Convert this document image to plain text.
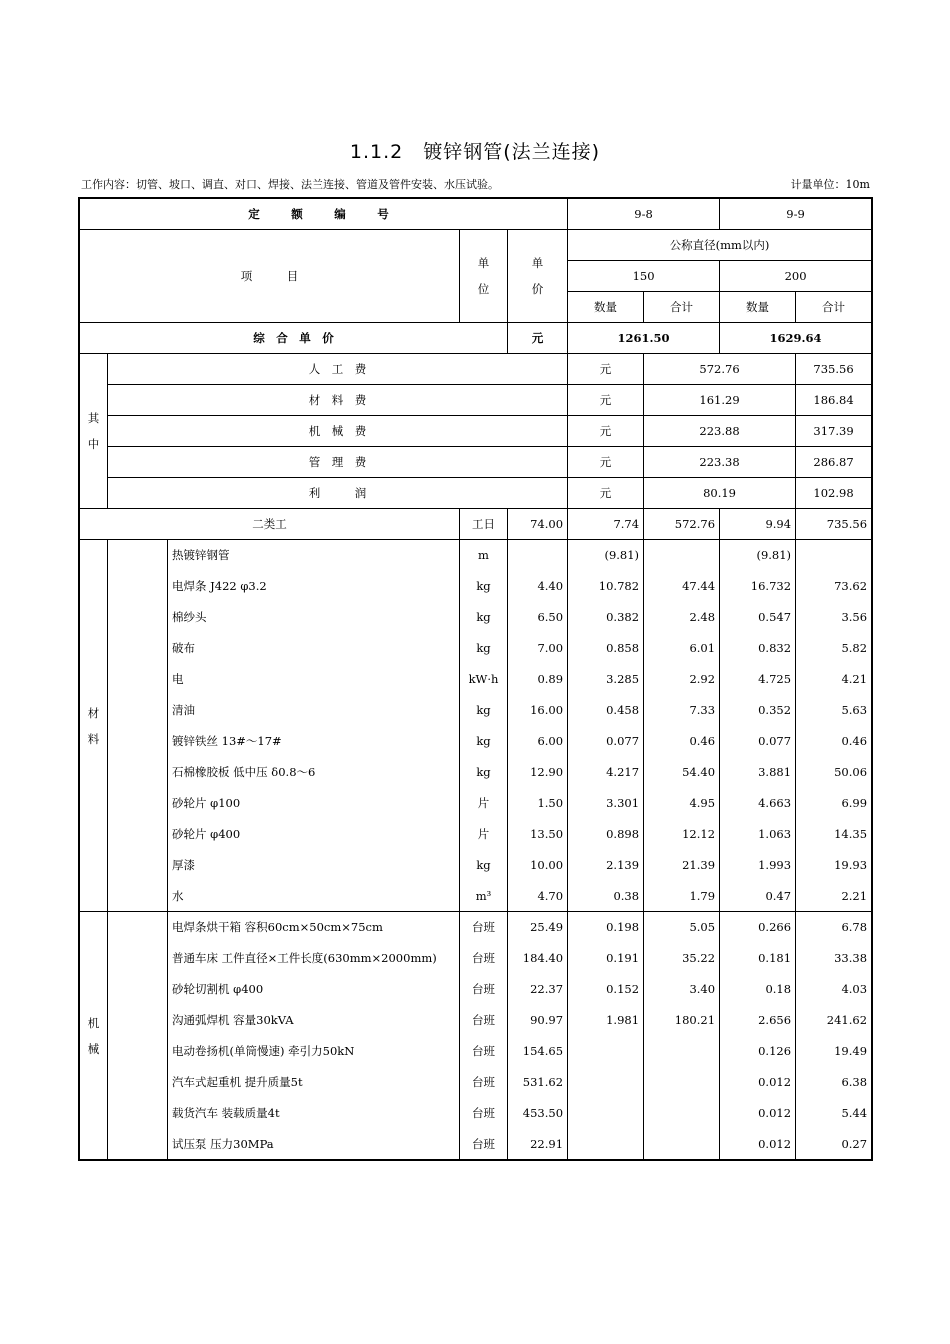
1.1.2　镀锌钢管(法兰连接)
工作内容：切管、坡口、调直、对口、焊接、法兰连接、管道及管件安装、水压试验。	计量单位：10m
定　额　编　号					9-8		9-9	
项　　　目			单位	单价	公称直径(mm以内)			
					150		200	
					数量	合计	数量	合计
综　合　单　价				元	1261.50		1629.64	
其中	人　工　费				元	572.76		735.56
	材　料　费				元	161.29		186.84
	机　械　费				元	223.88		317.39
	管　理　费				元	223.38		286.87
	利　　　润				元	80.19		102.98
二类工			工日	74.00	7.74	572.76	9.94	735.56
材料		热镀锌钢管	m		(9.81)		(9.81)	
		电焊条 J422 φ3.2	kg	4.40	10.782	47.44	16.732	73.62
		棉纱头	kg	6.50	0.382	2.48	0.547	3.56
		破布	kg	7.00	0.858	6.01	0.832	5.82
		电	kW·h	0.89	3.285	2.92	4.725	4.21
		清油	kg	16.00	0.458	7.33	0.352	5.63
		镀锌铁丝 13#～17#	kg	6.00	0.077	0.46	0.077	0.46
		石棉橡胶板 低中压 δ0.8～6	kg	12.90	4.217	54.40	3.881	50.06
		砂轮片 φ100	片	1.50	3.301	4.95	4.663	6.99
		砂轮片 φ400	片	13.50	0.898	12.12	1.063	14.35
		厚漆	kg	10.00	2.139	21.39	1.993	19.93
		水	m³	4.70	0.38	1.79	0.47	2.21
机械		电焊条烘干箱 容积60cm×50cm×75cm	台班	25.49	0.198	5.05	0.266	6.78
		普通车床 工件直径×工件长度(630mm×2000mm)	台班	184.40	0.191	35.22	0.181	33.38
		砂轮切割机 φ400	台班	22.37	0.152	3.40	0.18	4.03
		沟通弧焊机 容量30kVA	台班	90.97	1.981	180.21	2.656	241.62
		电动卷扬机(单筒慢速) 牵引力50kN	台班	154.65			0.126	19.49
		汽车式起重机 提升质量5t	台班	531.62			0.012	6.38
		载货汽车 装载质量4t	台班	453.50			0.012	5.44
		试压泵 压力30MPa	台班	22.91			0.012	0.27
